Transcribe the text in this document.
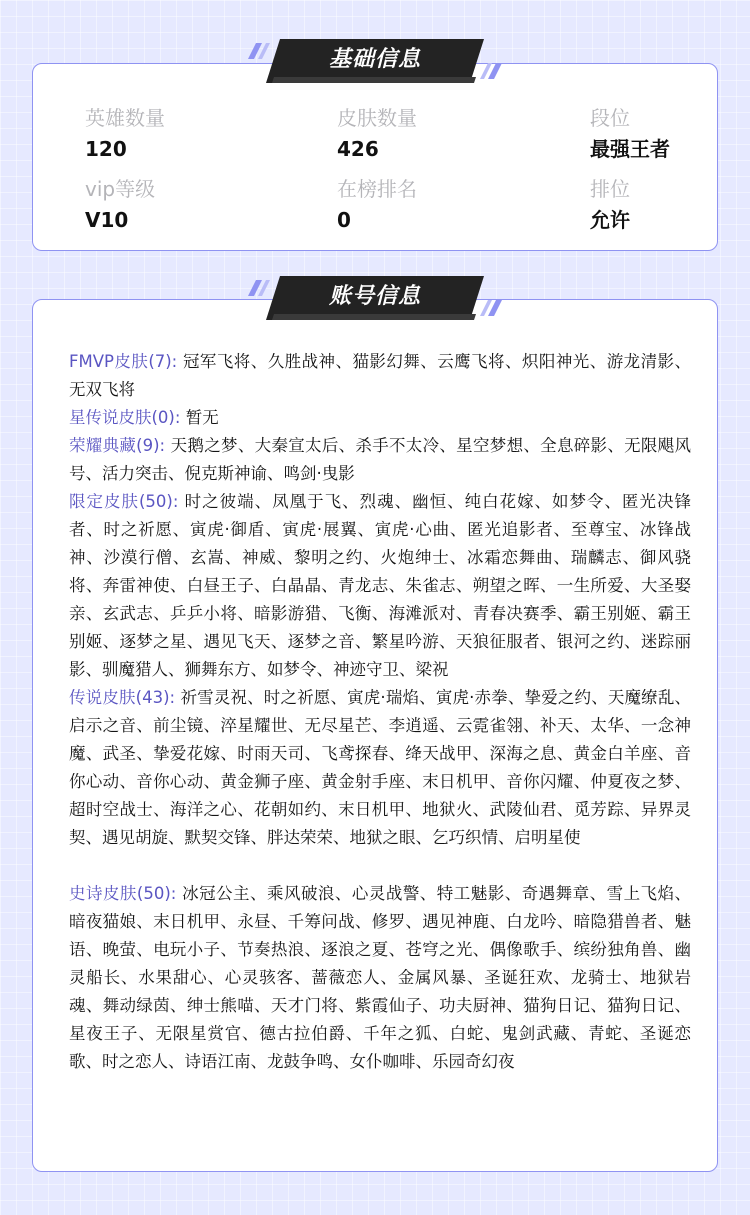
英雄数量
120
皮肤数量
426
段位
最强王者
vip等级
V10
在榜排名
0
排位
允许
基础信息

FMVP皮肤(7): 冠军飞将、久胜战神、猫影幻舞、云鹰飞将、炽阳神光、游龙清影、无双飞将

星传说皮肤(0): 暂无

荣耀典藏(9): 天鹅之梦、大秦宣太后、杀手不太冷、星空梦想、全息碎影、无限飓风号、活力突击、倪克斯神谕、鸣剑·曳影

限定皮肤(50): 时之彼端、凤凰于飞、烈魂、幽恒、纯白花嫁、如梦令、匿光决锋者、时之祈愿、寅虎·御盾、寅虎·展翼、寅虎·心曲、匿光追影者、至尊宝、冰锋战神、沙漠行僧、玄嵩、神威、黎明之约、火炮绅士、冰霜恋舞曲、瑞麟志、御风骁将、奔雷神使、白昼王子、白晶晶、青龙志、朱雀志、朔望之晖、一生所爱、大圣娶亲、玄武志、乒乒小将、暗影游猎、飞衡、海滩派对、青春决赛季、霸王别姬、霸王别姬、逐梦之星、遇见飞天、逐梦之音、繁星吟游、天狼征服者、银河之约、迷踪丽影、驯魔猎人、狮舞东方、如梦令、神迹守卫、梁祝

传说皮肤(43): 祈雪灵祝、时之祈愿、寅虎·瑞焰、寅虎·赤拳、挚爱之约、天魔缭乱、启示之音、前尘镜、淬星耀世、无尽星芒、李逍遥、云霓雀翎、补天、太华、一念神魔、武圣、挚爱花嫁、时雨天司、飞鸢探春、绛天战甲、深海之息、黄金白羊座、音你心动、音你心动、黄金狮子座、黄金射手座、末日机甲、音你闪耀、仲夏夜之梦、超时空战士、海洋之心、花朝如约、末日机甲、地狱火、武陵仙君、觅芳踪、异界灵契、遇见胡旋、默契交锋、胖达荣荣、地狱之眼、乞巧织情、启明星使

史诗皮肤(50): 冰冠公主、乘风破浪、心灵战警、特工魅影、奇遇舞章、雪上飞焰、暗夜猫娘、末日机甲、永昼、千筹问战、修罗、遇见神鹿、白龙吟、暗隐猎兽者、魅语、晚萤、电玩小子、节奏热浪、逐浪之夏、苍穹之光、偶像歌手、缤纷独角兽、幽灵船长、水果甜心、心灵骇客、蔷薇恋人、金属风暴、圣诞狂欢、龙骑士、地狱岩魂、舞动绿茵、绅士熊喵、天才门将、紫霞仙子、功夫厨神、猫狗日记、猫狗日记、星夜王子、无限星赏官、德古拉伯爵、千年之狐、白蛇、鬼剑武藏、青蛇、圣诞恋歌、时之恋人、诗语江南、龙鼓争鸣、女仆咖啡、乐园奇幻夜

账号信息
